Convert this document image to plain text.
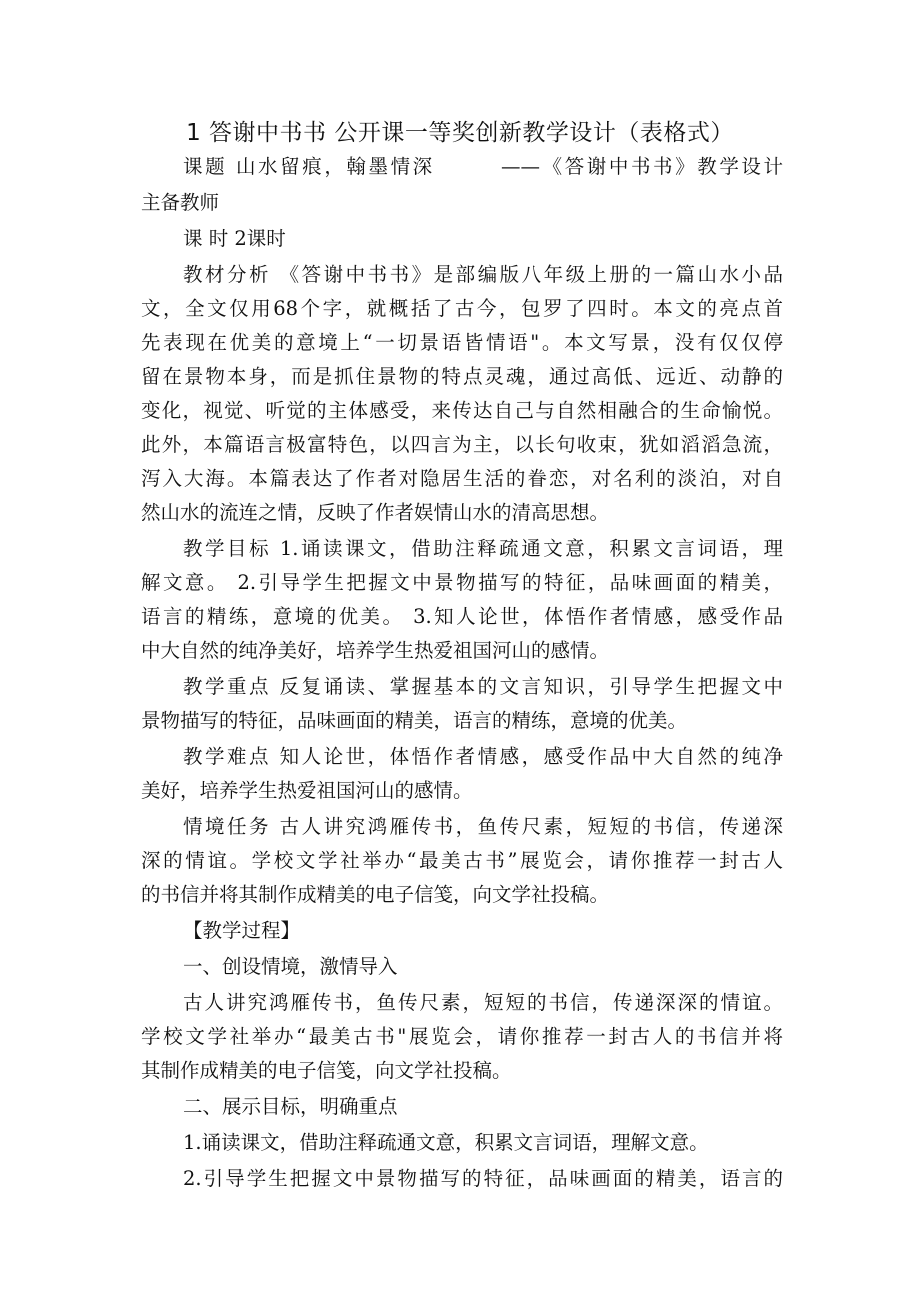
1 答谢中书书 公开课一等奖创新教学设计（表格式）
课题 山水留痕，翰墨情深　　　——《答谢中书书》教学设计
主备教师
课 时 2课时
教材分析 《答谢中书书》是部编版八年级上册的一篇山水小品
文，全文仅用68个字，就概括了古今，包罗了四时。本文的亮点首
先表现在优美的意境上“一切景语皆情语"。本文写景，没有仅仅停
留在景物本身，而是抓住景物的特点灵魂，通过高低、远近、动静的
变化，视觉、听觉的主体感受，来传达自己与自然相融合的生命愉悦。
此外，本篇语言极富特色，以四言为主，以长句收束，犹如滔滔急流，
泻入大海。本篇表达了作者对隐居生活的眷恋，对名利的淡泊，对自
然山水的流连之情，反映了作者娱情山水的清高思想。
教学目标 1.诵读课文，借助注释疏通文意，积累文言词语，理
解文意。 2.引导学生把握文中景物描写的特征，品味画面的精美，
语言的精练，意境的优美。 3.知人论世，体悟作者情感，感受作品
中大自然的纯净美好，培养学生热爱祖国河山的感情。
教学重点 反复诵读、掌握基本的文言知识，引导学生把握文中
景物描写的特征，品味画面的精美，语言的精练，意境的优美。
教学难点 知人论世，体悟作者情感，感受作品中大自然的纯净
美好，培养学生热爱祖国河山的感情。
情境任务 古人讲究鸿雁传书，鱼传尺素，短短的书信，传递深
深的情谊。学校文学社举办“最美古书”展览会，请你推荐一封古人
的书信并将其制作成精美的电子信笺，向文学社投稿。
【教学过程】
一、创设情境，激情导入
古人讲究鸿雁传书，鱼传尺素，短短的书信，传递深深的情谊。
学校文学社举办“最美古书"展览会，请你推荐一封古人的书信并将
其制作成精美的电子信笺，向文学社投稿。
二、展示目标，明确重点
1.诵读课文，借助注释疏通文意，积累文言词语，理解文意。
2.引导学生把握文中景物描写的特征，品味画面的精美，语言的
